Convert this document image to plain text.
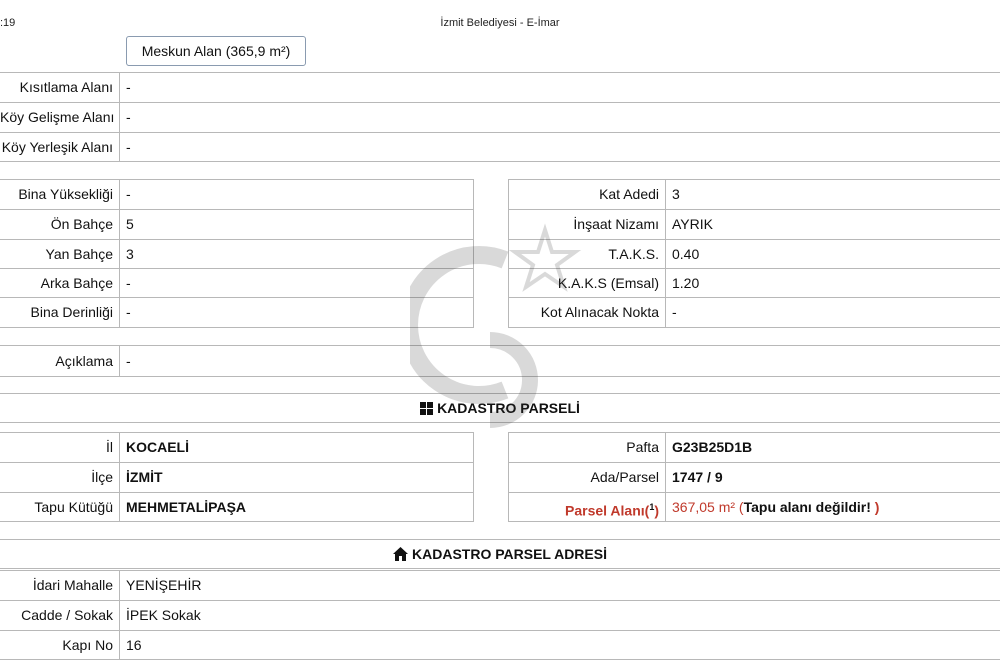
:19	İzmit Belediyesi - E-İmar
Meskun Alan (365,9 m²)
Kısıtlama Alanı -
Köy Gelişme Alanı -
Köy Yerleşik Alanı -
Bina Yüksekliği -
Ön Bahçe 5
Yan Bahçe 3
Arka Bahçe -
Bina Derinliği -
Kat Adedi 3
İnşaat Nizamı AYRIK
T.A.K.S. 0.40
K.A.K.S (Emsal) 1.20
Kot Alınacak Nokta -
Açıklama -
KADASTRO PARSELİ
İl KOCAELİ
İlçe İZMİT
Tapu Kütüğü MEHMETALİPAŞA
Pafta G23B25D1B
Ada/Parsel 1747 / 9
Parsel Alanı($^1$) 367,05 m² (Tapu alanı değildir! )
KADASTRO PARSEL ADRESİ
İdari Mahalle YENİŞEHİR
Cadde / Sokak İPEK Sokak
Kapı No 16
